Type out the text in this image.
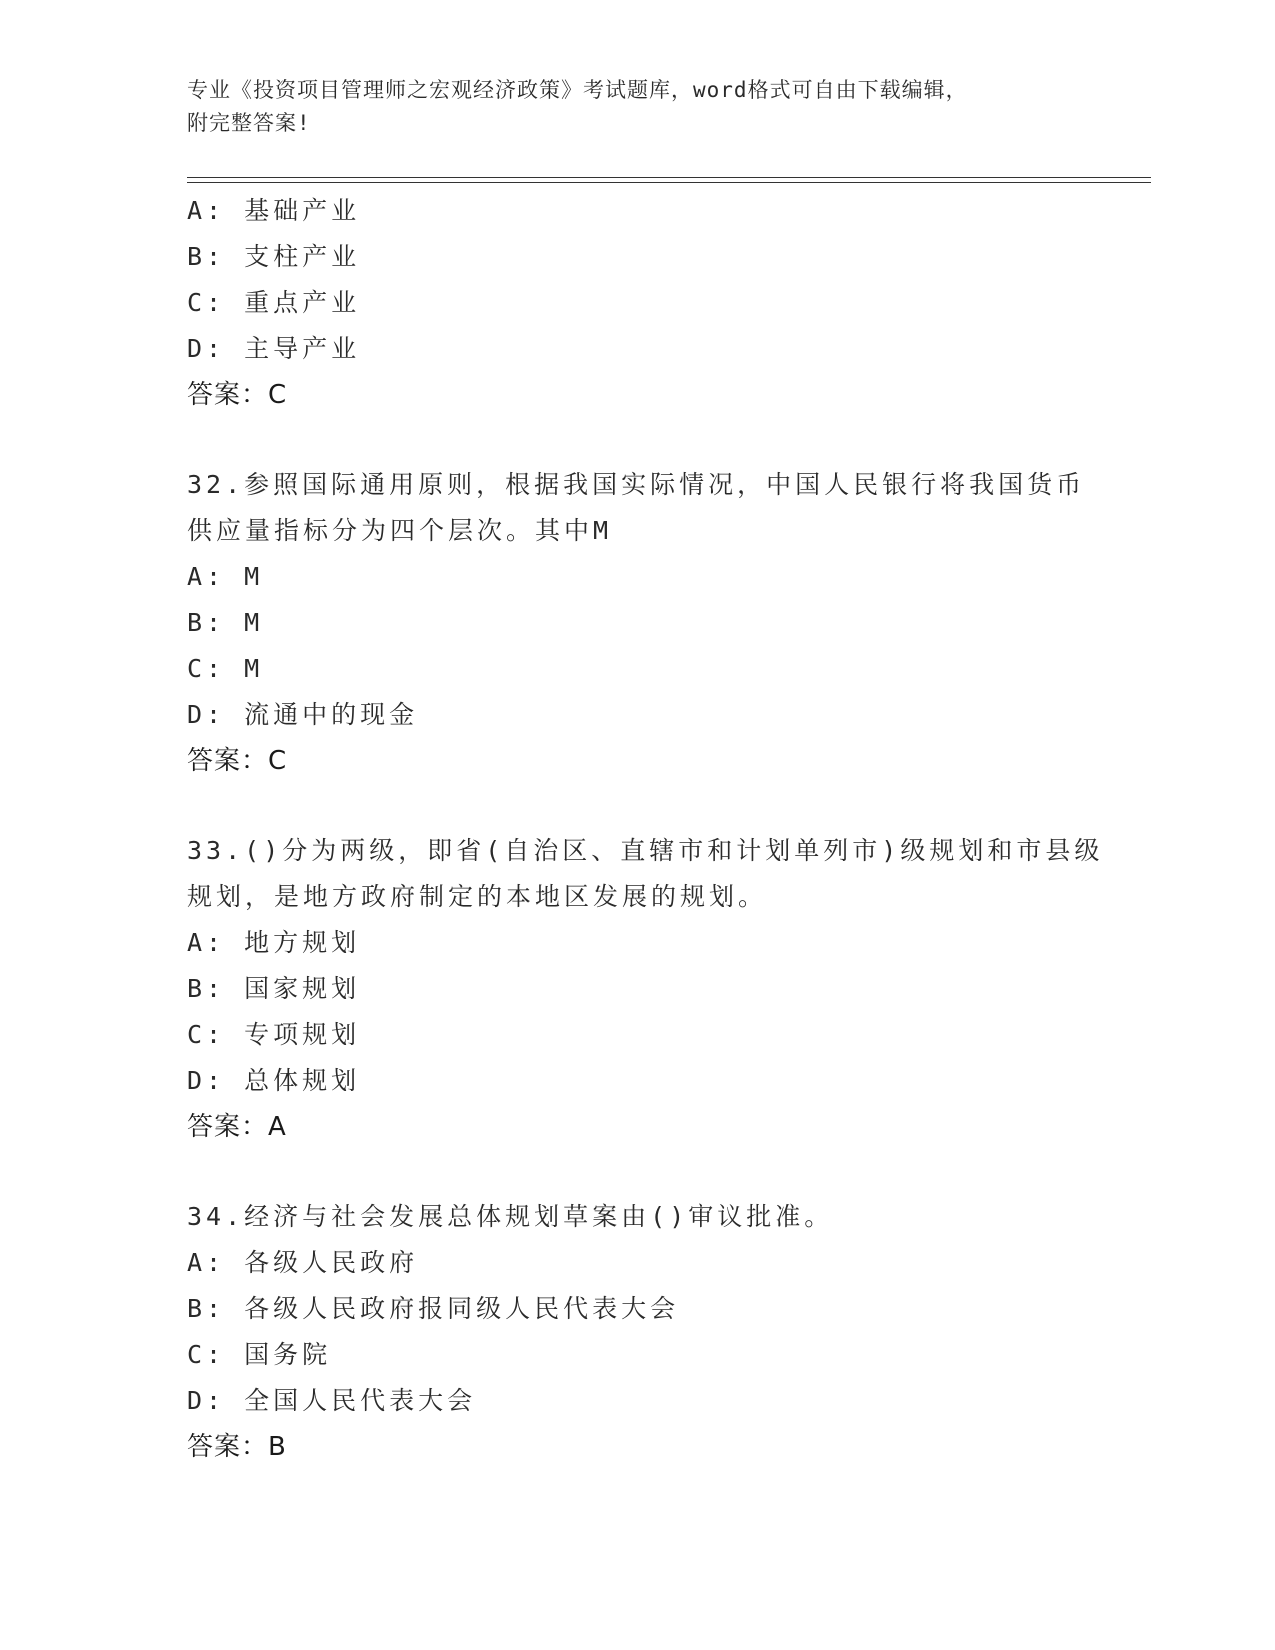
专业《投资项目管理师之宏观经济政策》考试题库，word格式可自由下载编辑，
附完整答案!
A: 基础产业
B: 支柱产业
C: 重点产业
D: 主导产业
答案：C
32.参照国际通用原则，根据我国实际情况，中国人民银行将我国货币
供应量指标分为四个层次。其中M
A: M
B: M
C: M
D: 流通中的现金
答案：C
33.()分为两级，即省(自治区、直辖市和计划单列市)级规划和市县级
规划，是地方政府制定的本地区发展的规划。
A: 地方规划
B: 国家规划
C: 专项规划
D: 总体规划
答案：A
34.经济与社会发展总体规划草案由()审议批准。
A: 各级人民政府
B: 各级人民政府报同级人民代表大会
C: 国务院
D: 全国人民代表大会
答案：B
